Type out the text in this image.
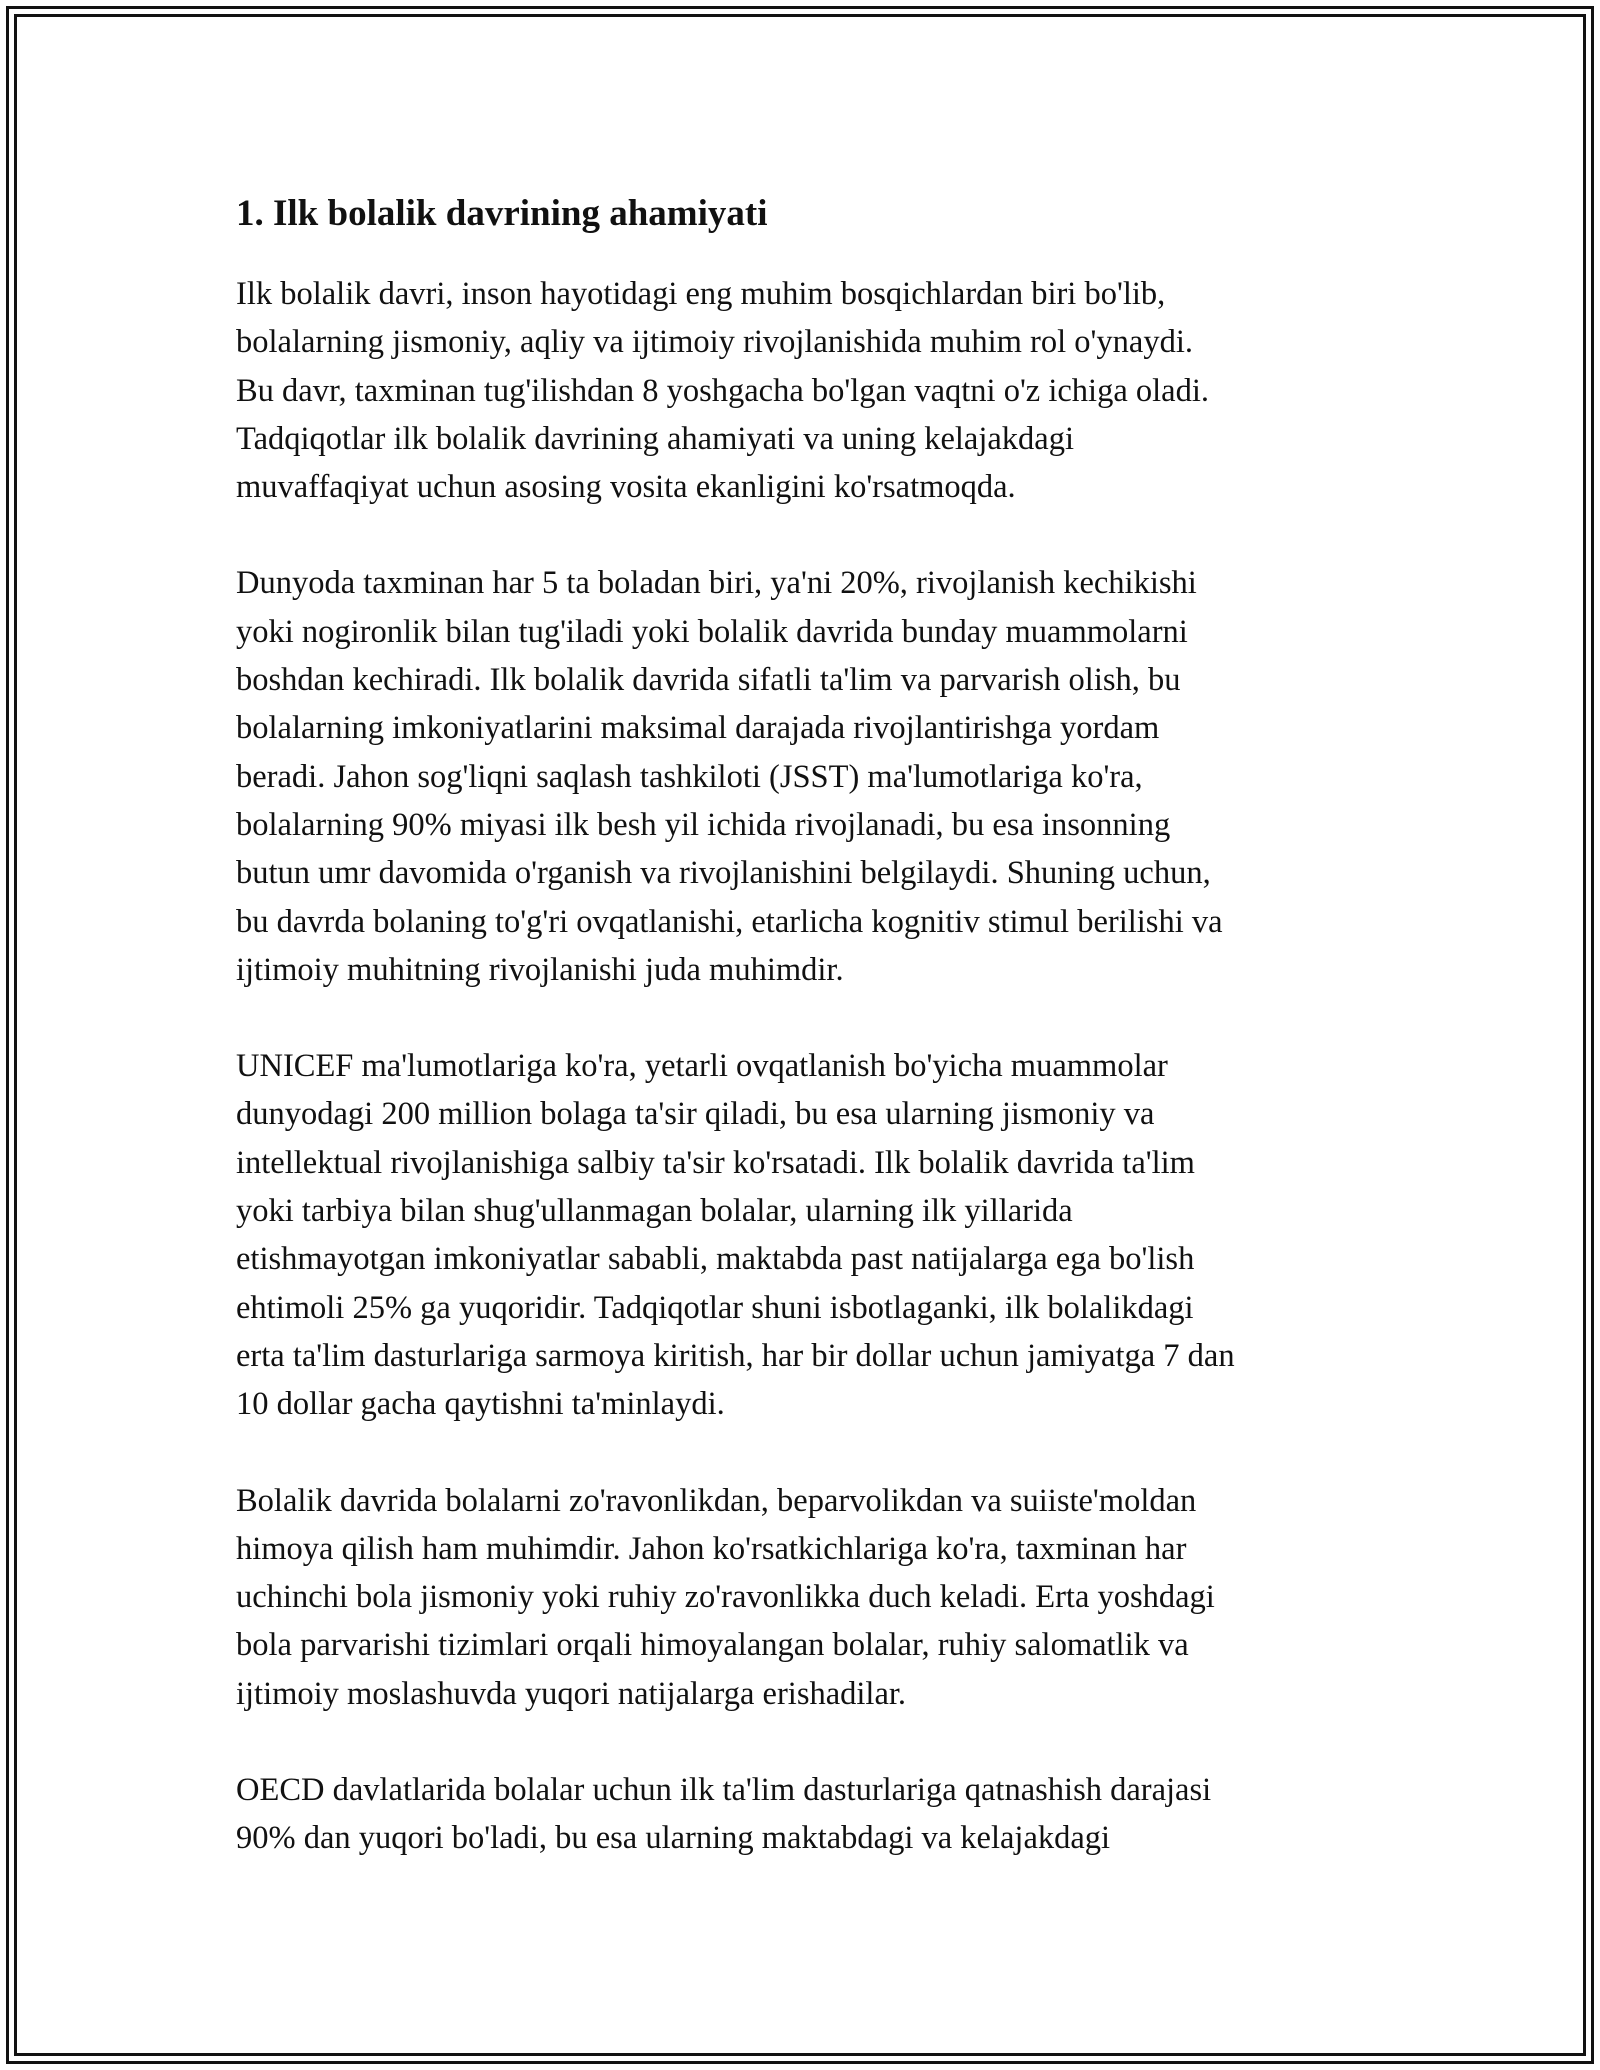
1. Ilk bolalik davrining ahamiyati

Ilk bolalik davri, inson hayotidagi eng muhim bosqichlardan biri bo'lib,
bolalarning jismoniy, aqliy va ijtimoiy rivojlanishida muhim rol o'ynaydi.
Bu davr, taxminan tug'ilishdan 8 yoshgacha bo'lgan vaqtni o'z ichiga oladi.
Tadqiqotlar ilk bolalik davrining ahamiyati va uning kelajakdagi
muvaffaqiyat uchun asosing vosita ekanligini ko'rsatmoqda.

Dunyoda taxminan har 5 ta boladan biri, ya'ni 20%, rivojlanish kechikishi
yoki nogironlik bilan tug'iladi yoki bolalik davrida bunday muammolarni
boshdan kechiradi. Ilk bolalik davrida sifatli ta'lim va parvarish olish, bu
bolalarning imkoniyatlarini maksimal darajada rivojlantirishga yordam
beradi. Jahon sog'liqni saqlash tashkiloti (JSST) ma'lumotlariga ko'ra,
bolalarning 90% miyasi ilk besh yil ichida rivojlanadi, bu esa insonning
butun umr davomida o'rganish va rivojlanishini belgilaydi. Shuning uchun,
bu davrda bolaning to'g'ri ovqatlanishi, etarlicha kognitiv stimul berilishi va
ijtimoiy muhitning rivojlanishi juda muhimdir.

UNICEF ma'lumotlariga ko'ra, yetarli ovqatlanish bo'yicha muammolar
dunyodagi 200 million bolaga ta'sir qiladi, bu esa ularning jismoniy va
intellektual rivojlanishiga salbiy ta'sir ko'rsatadi. Ilk bolalik davrida ta'lim
yoki tarbiya bilan shug'ullanmagan bolalar, ularning ilk yillarida
etishmayotgan imkoniyatlar sababli, maktabda past natijalarga ega bo'lish
ehtimoli 25% ga yuqoridir. Tadqiqotlar shuni isbotlaganki, ilk bolalikdagi
erta ta'lim dasturlariga sarmoya kiritish, har bir dollar uchun jamiyatga 7 dan
10 dollar gacha qaytishni ta'minlaydi.

Bolalik davrida bolalarni zo'ravonlikdan, beparvolikdan va suiiste'moldan
himoya qilish ham muhimdir. Jahon ko'rsatkichlariga ko'ra, taxminan har
uchinchi bola jismoniy yoki ruhiy zo'ravonlikka duch keladi. Erta yoshdagi
bola parvarishi tizimlari orqali himoyalangan bolalar, ruhiy salomatlik va
ijtimoiy moslashuvda yuqori natijalarga erishadilar.

OECD davlatlarida bolalar uchun ilk ta'lim dasturlariga qatnashish darajasi
90% dan yuqori bo'ladi, bu esa ularning maktabdagi va kelajakdagi
